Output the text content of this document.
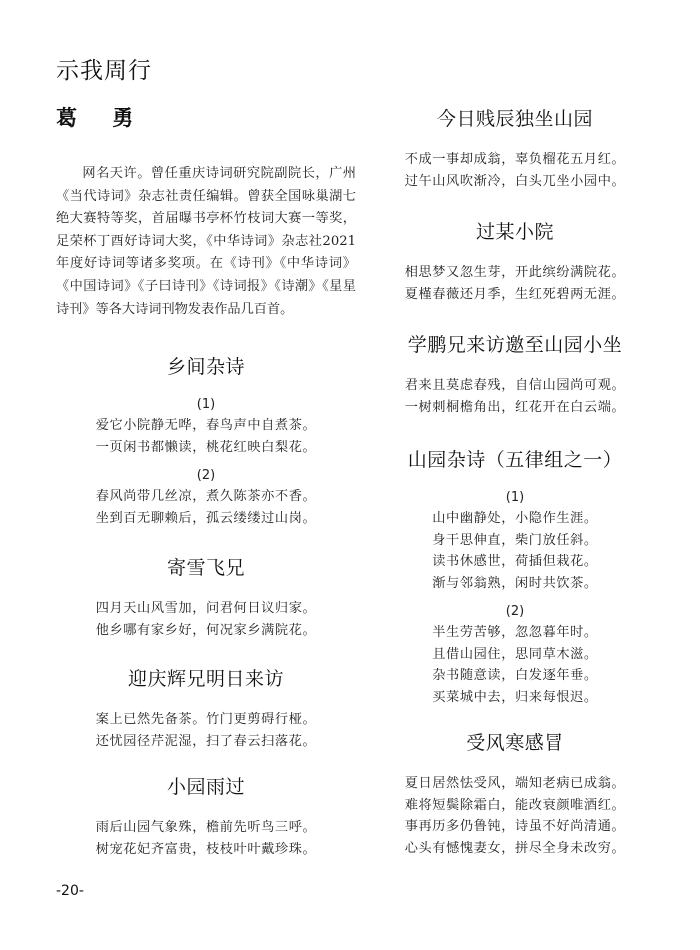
示我周行
葛 勇

网名天许。曾任重庆诗词研究院副院长，广州《当代诗词》杂志社责任编辑。曾获全国咏巢湖七绝大赛特等奖，首届曝书亭杯竹枝词大赛一等奖，足荣杯丁酉好诗词大奖，《中华诗词》杂志社2021年度好诗词等诸多奖项。在《诗刊》《中华诗词》《中国诗词》《子曰诗刊》《诗词报》《诗潮》《星星诗刊》等各大诗词刊物发表作品几百首。

乡间杂诗
(1)
爱它小院静无哗，春鸟声中自煮茶。
一页闲书都懒读，桃花红映白梨花。
(2)
春风尚带几丝凉，煮久陈茶亦不香。
坐到百无聊赖后，孤云缕缕过山岗。
寄雪飞兄
四月天山风雪加，问君何日议归家。
他乡哪有家乡好，何况家乡满院花。
迎庆辉兄明日来访
案上已然先备茶。竹门更剪碍行桠。
还忧园径芹泥湿，扫了春云扫落花。
小园雨过
雨后山园气象殊，檐前先听鸟三呼。
树宠花妃齐富贵，枝枝叶叶戴珍珠。
今日贱辰独坐山园
不成一事却成翁，辜负榴花五月红。
过午山风吹渐冷，白头兀坐小园中。
过某小院
相思梦又忽生芽，开此缤纷满院花。
夏槿春薇还月季，生红死碧两无涯。
学鹏兄来访邀至山园小坐
君来且莫虑春残，自信山园尚可观。
一树刺桐檐角出，红花开在白云端。
山园杂诗（五律组之一）
(1)
山中幽静处，小隐作生涯。
身干思伸直，柴门放任斜。
读书休感世，荷插但栽花。
渐与邻翁熟，闲时共饮茶。
(2)
半生劳苦够，忽忽暮年时。
且借山园住，思同草木滋。
杂书随意读，白发逐年垂。
买菜城中去，归来每恨迟。
受风寒感冒
夏日居然怯受风，端知老病已成翁。
难将短鬓除霜白，能改衰颜唯酒红。
事再历多仍鲁钝，诗虽不好尚清通。
心头有憾愧妻女，拼尽全身未改穷。
-20-
